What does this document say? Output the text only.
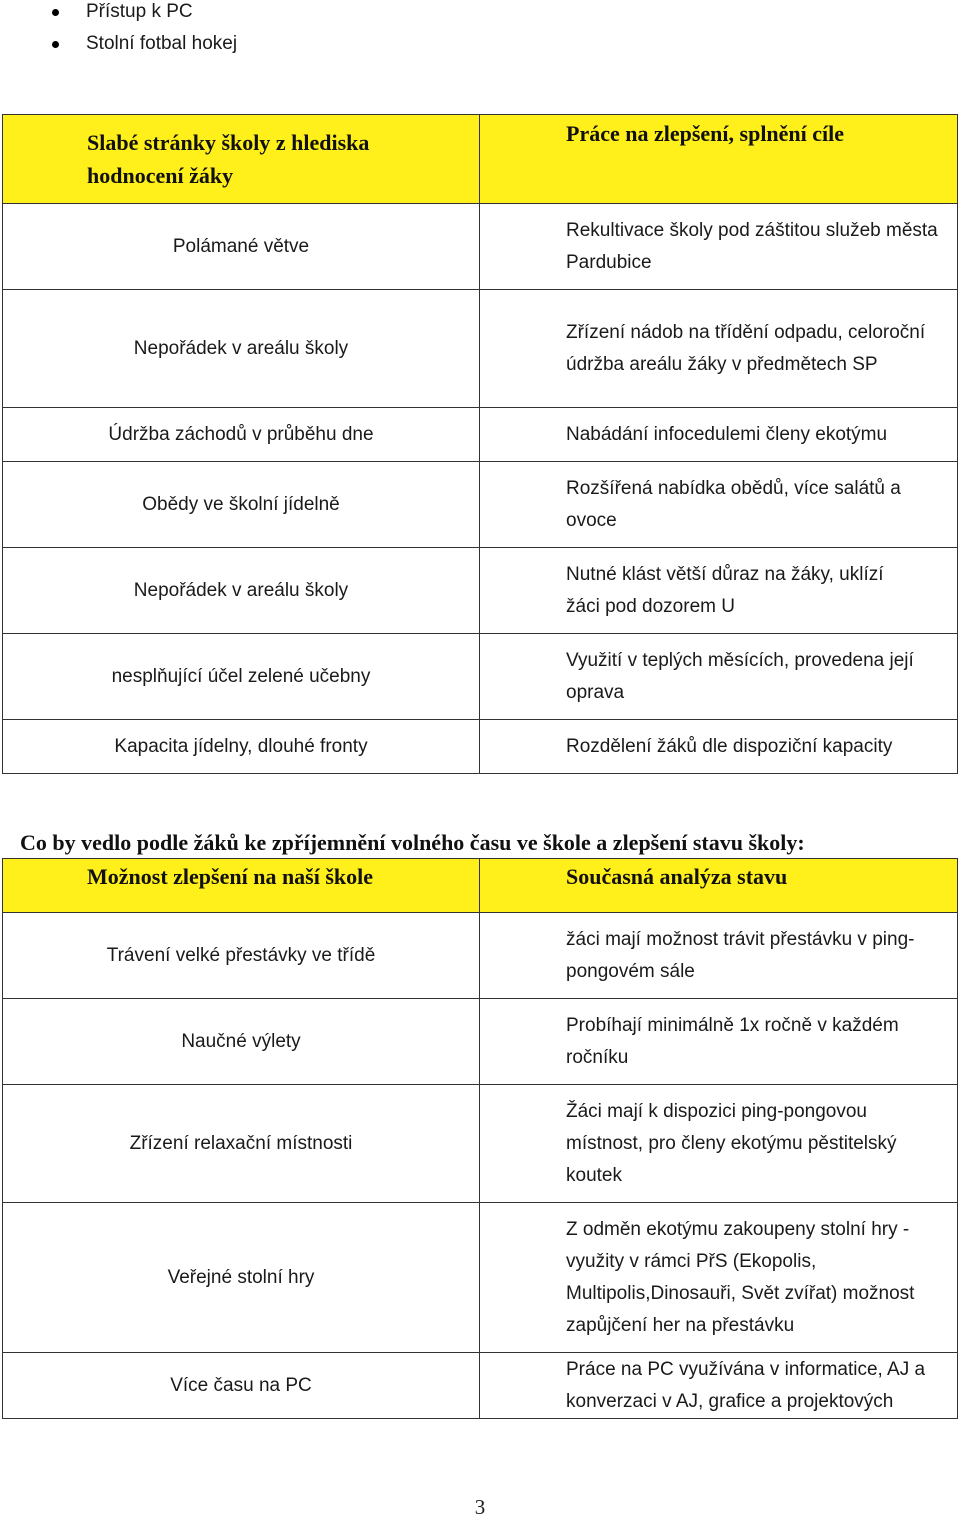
Přístup k PC
Stolní fotbal hokej
Slabé stránky školy z hlediska hodnocení žáky	Práce na zlepšení, splnění cíle

Polámané větve	Rekultivace školy pod záštitou služeb města Pardubice
Nepořádek v areálu školy	Zřízení nádob na třídění odpadu, celoroční údržba areálu žáky v předmětech SP
Údržba záchodů v průběhu dne	Nabádání infocedulemi členy ekotýmu
Obědy ve školní jídelně	Rozšířená nabídka obědů, více salátů a ovoce
Nepořádek v areálu školy	Nutné klást větší důraz na žáky, uklízí žáci pod dozorem U
nesplňující účel zelené učebny	Využití v teplých měsících, provedena její oprava
Kapacita jídelny, dlouhé fronty	Rozdělení žáků dle dispoziční kapacity
Co by vedlo podle žáků ke zpříjemnění volného času ve škole a zlepšení stavu školy:
Možnost zlepšení na naší škole	Současná analýza stavu

Trávení velké přestávky ve třídě	žáci mají možnost trávit přestávku v ping-pongovém sále
Naučné výlety	Probíhají minimálně 1x ročně v každém ročníku
Zřízení relaxační místnosti	Žáci mají k dispozici ping-pongovou místnost, pro členy ekotýmu pěstitelský koutek
Veřejné stolní hry	Z odměn ekotýmu zakoupeny stolní hry - využity v rámci PřS (Ekopolis, Multipolis,Dinosauři, Svět zvířat) možnost zapůjčení her na přestávku
Více času na PC	Práce na PC využívána v informatice, AJ a konverzaci v AJ, grafice a projektových
3
